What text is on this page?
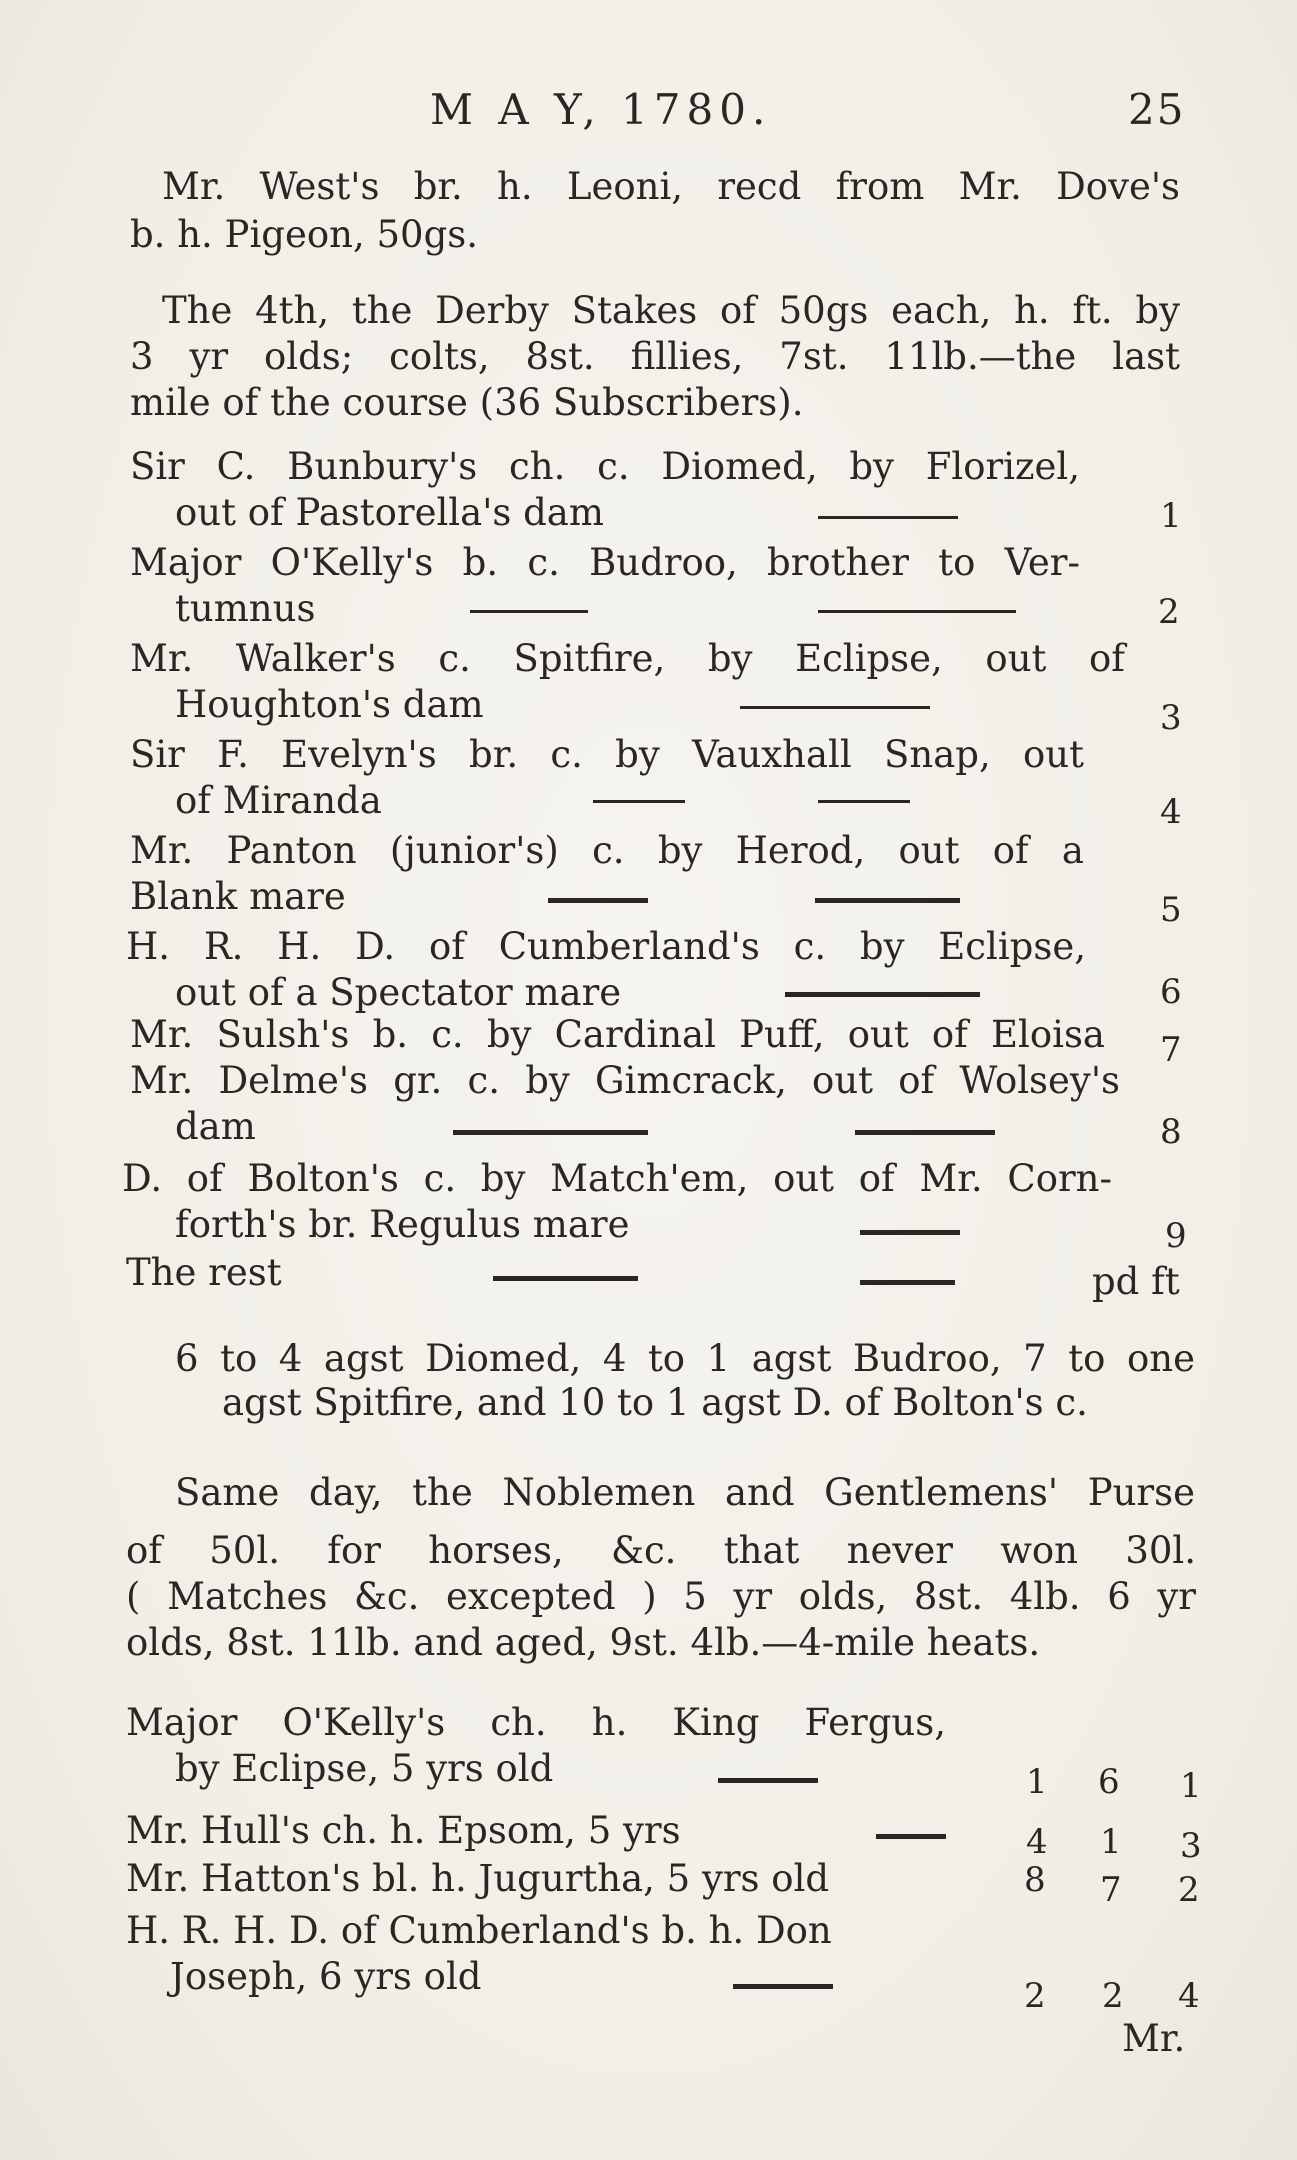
M A Y, 1780.	25
Mr. West's br. h. Leoni, recd from Mr. Dove's
b. h. Pigeon, 50gs.
The 4th, the Derby Stakes of 50gs each, h. ft. by
3 yr olds; colts, 8st. fillies, 7st. 11lb.—the last
mile of the course (36 Subscribers).
Sir C. Bunbury's ch. c. Diomed, by Florizel,
out of Pastorella's dam	1
Major O'Kelly's b. c. Budroo, brother to Ver-
tumnus	2
Mr. Walker's c. Spitfire, by Eclipse, out of
Houghton's dam	3
Sir F. Evelyn's br. c. by Vauxhall Snap, out
of Miranda	4
Mr. Panton (junior's) c. by Herod, out of a
Blank mare	5
H. R. H. D. of Cumberland's c. by Eclipse,
out of a Spectator mare	6
Mr. Sulsh's b. c. by Cardinal Puff, out of Eloisa 7
Mr. Delme's gr. c. by Gimcrack, out of Wolsey's
dam	8
D. of Bolton's c. by Match'em, out of Mr. Corn-
forth's br. Regulus mare	9
The rest	pd ft
6 to 4 agst Diomed, 4 to 1 agst Budroo, 7 to one
agst Spitfire, and 10 to 1 agst D. of Bolton's c.
Same day, the Noblemen and Gentlemens' Purse
of 50l. for horses, &c. that never won 30l.
( Matches &c. excepted ) 5 yr olds, 8st. 4lb. 6 yr
olds, 8st. 11lb. and aged, 9st. 4lb.—4-mile heats.
Major O'Kelly's ch. h. King Fergus,
by Eclipse, 5 yrs old	1 6 1
Mr. Hull's ch. h. Epsom, 5 yrs	4 1 3
Mr. Hatton's bl. h. Jugurtha, 5 yrs old	8 7 2
H. R. H. D. of Cumberland's b. h. Don
Joseph, 6 yrs old	2 2 4
Mr.
